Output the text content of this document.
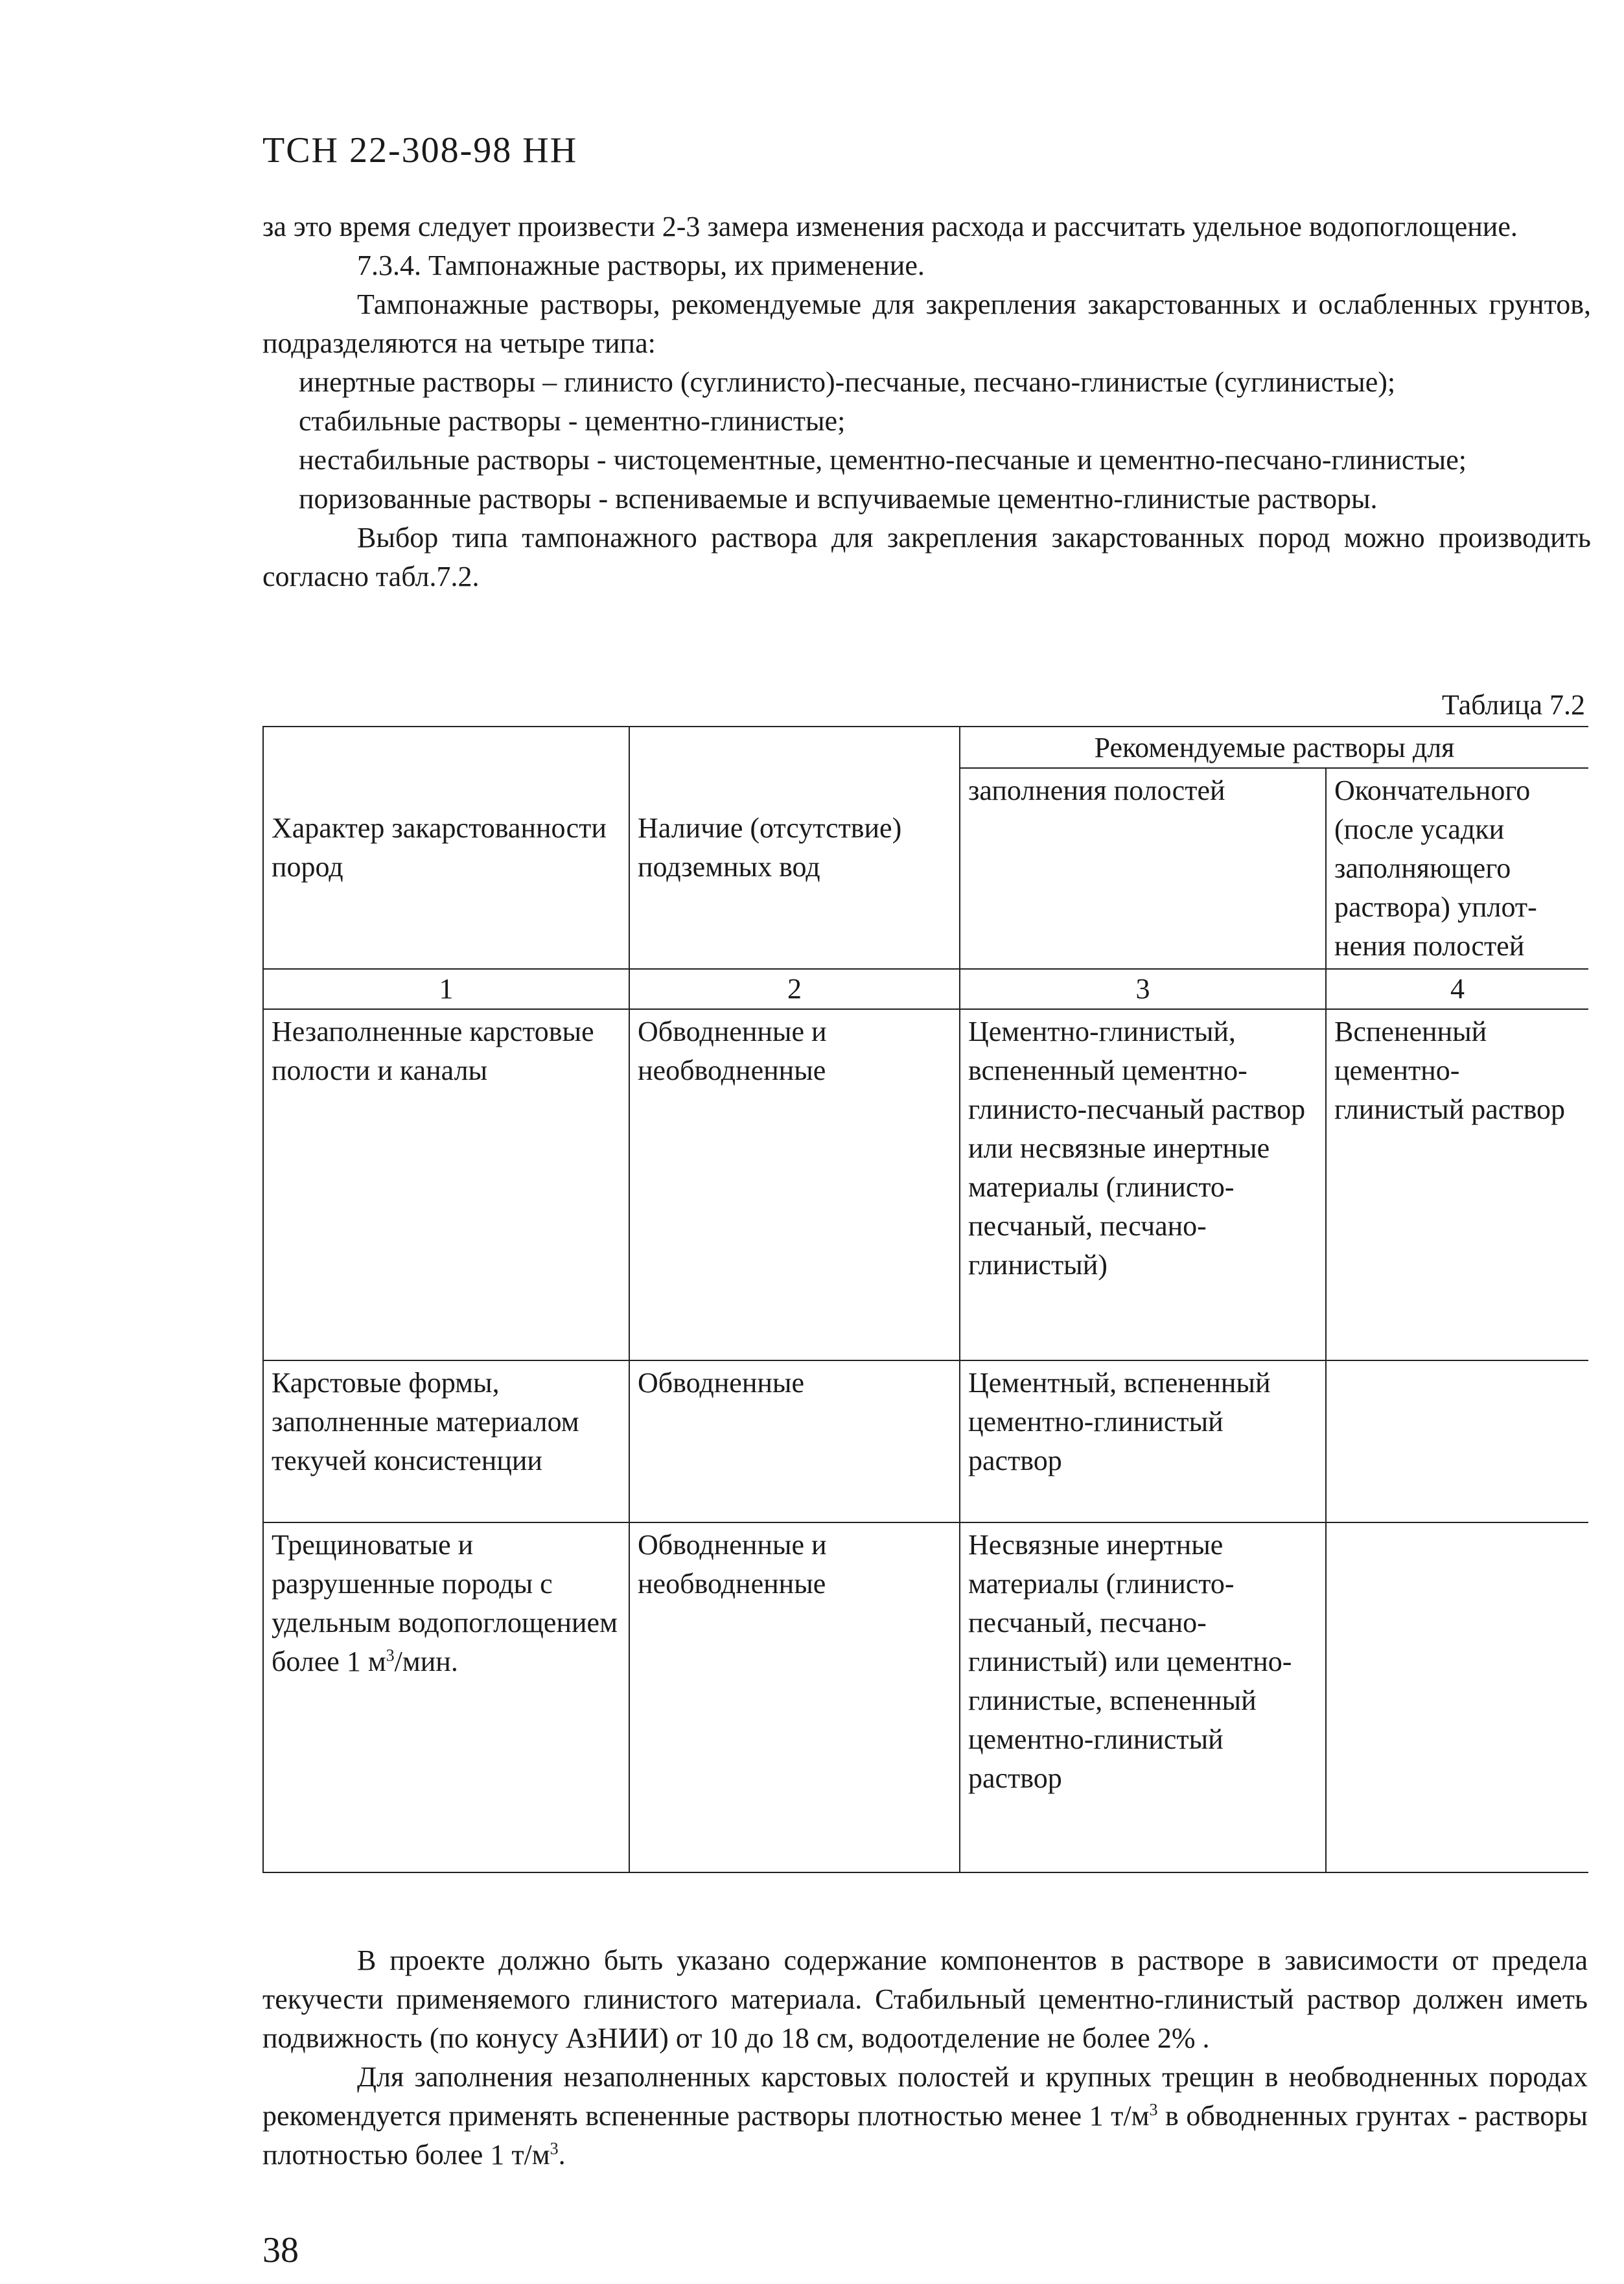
ТСН 22-308-98 НН

за это время следует произвести 2-3 замера изменения расхода и рассчитать удельное водопоглощение.

7.3.4. Тампонажные растворы, их применение.

Тампонажные растворы, рекомендуемые для закрепления закарстованных и ослабленных грунтов, подразделяются на четыре типа:

инертные растворы – глинисто (суглинисто)-песчаные, песчано-глинистые (суглинистые);

стабильные растворы - цементно-глинистые;

нестабильные растворы - чистоцементные, цементно-песчаные и цементно-песчано-глинистые;

поризованные растворы - вспениваемые и вспучиваемые цементно-глинистые растворы.

Выбор типа тампонажного раствора для закрепления закарстованных пород можно производить согласно табл.7.2.

Таблица 7.2
Характер закарстованности пород	Наличие (отсутствие) подземных вод	Рекомендуемые растворы для	
		заполнения полостей	Окончательного (после усадки заполняющего раствора) уплот-нения полостей
1	2	3	4
Незаполненные карстовые полости и каналы	Обводненные и необводненные	Цементно-глинистый, вспененный цементно-глинисто-песчаный раствор или несвязные инертные материалы (глинисто-песчаный, песчано-глинистый)	Вспененный цементно-глинистый раствор
Карстовые формы, заполненные материалом текучей консистенции	Обводненные	Цементный, вспененный цементно-глинистый раствор	
Трещиноватые и разрушенные породы с удельным водопоглощением более 1 $м^3$/мин.	Обводненные и необводненные	Несвязные инертные материалы (глинисто-песчаный, песчано-глинистый) или цементно-глинистые, вспененный цементно-глинистый раствор	

В проекте должно быть указано содержание компонентов в растворе в зависимости от предела текучести применяемого глинистого материала. Стабильный цементно-глинистый раствор должен иметь подвижность (по конусу АзНИИ) от 10 до 18 см, водоотделение не более 2% .

Для заполнения незаполненных карстовых полостей и крупных трещин в необводненных породах рекомендуется применять вспененные растворы плотностью менее 1 $т/м^3$ в обводненных грунтах - растворы плотностью более 1 $т/м^3$.

38
